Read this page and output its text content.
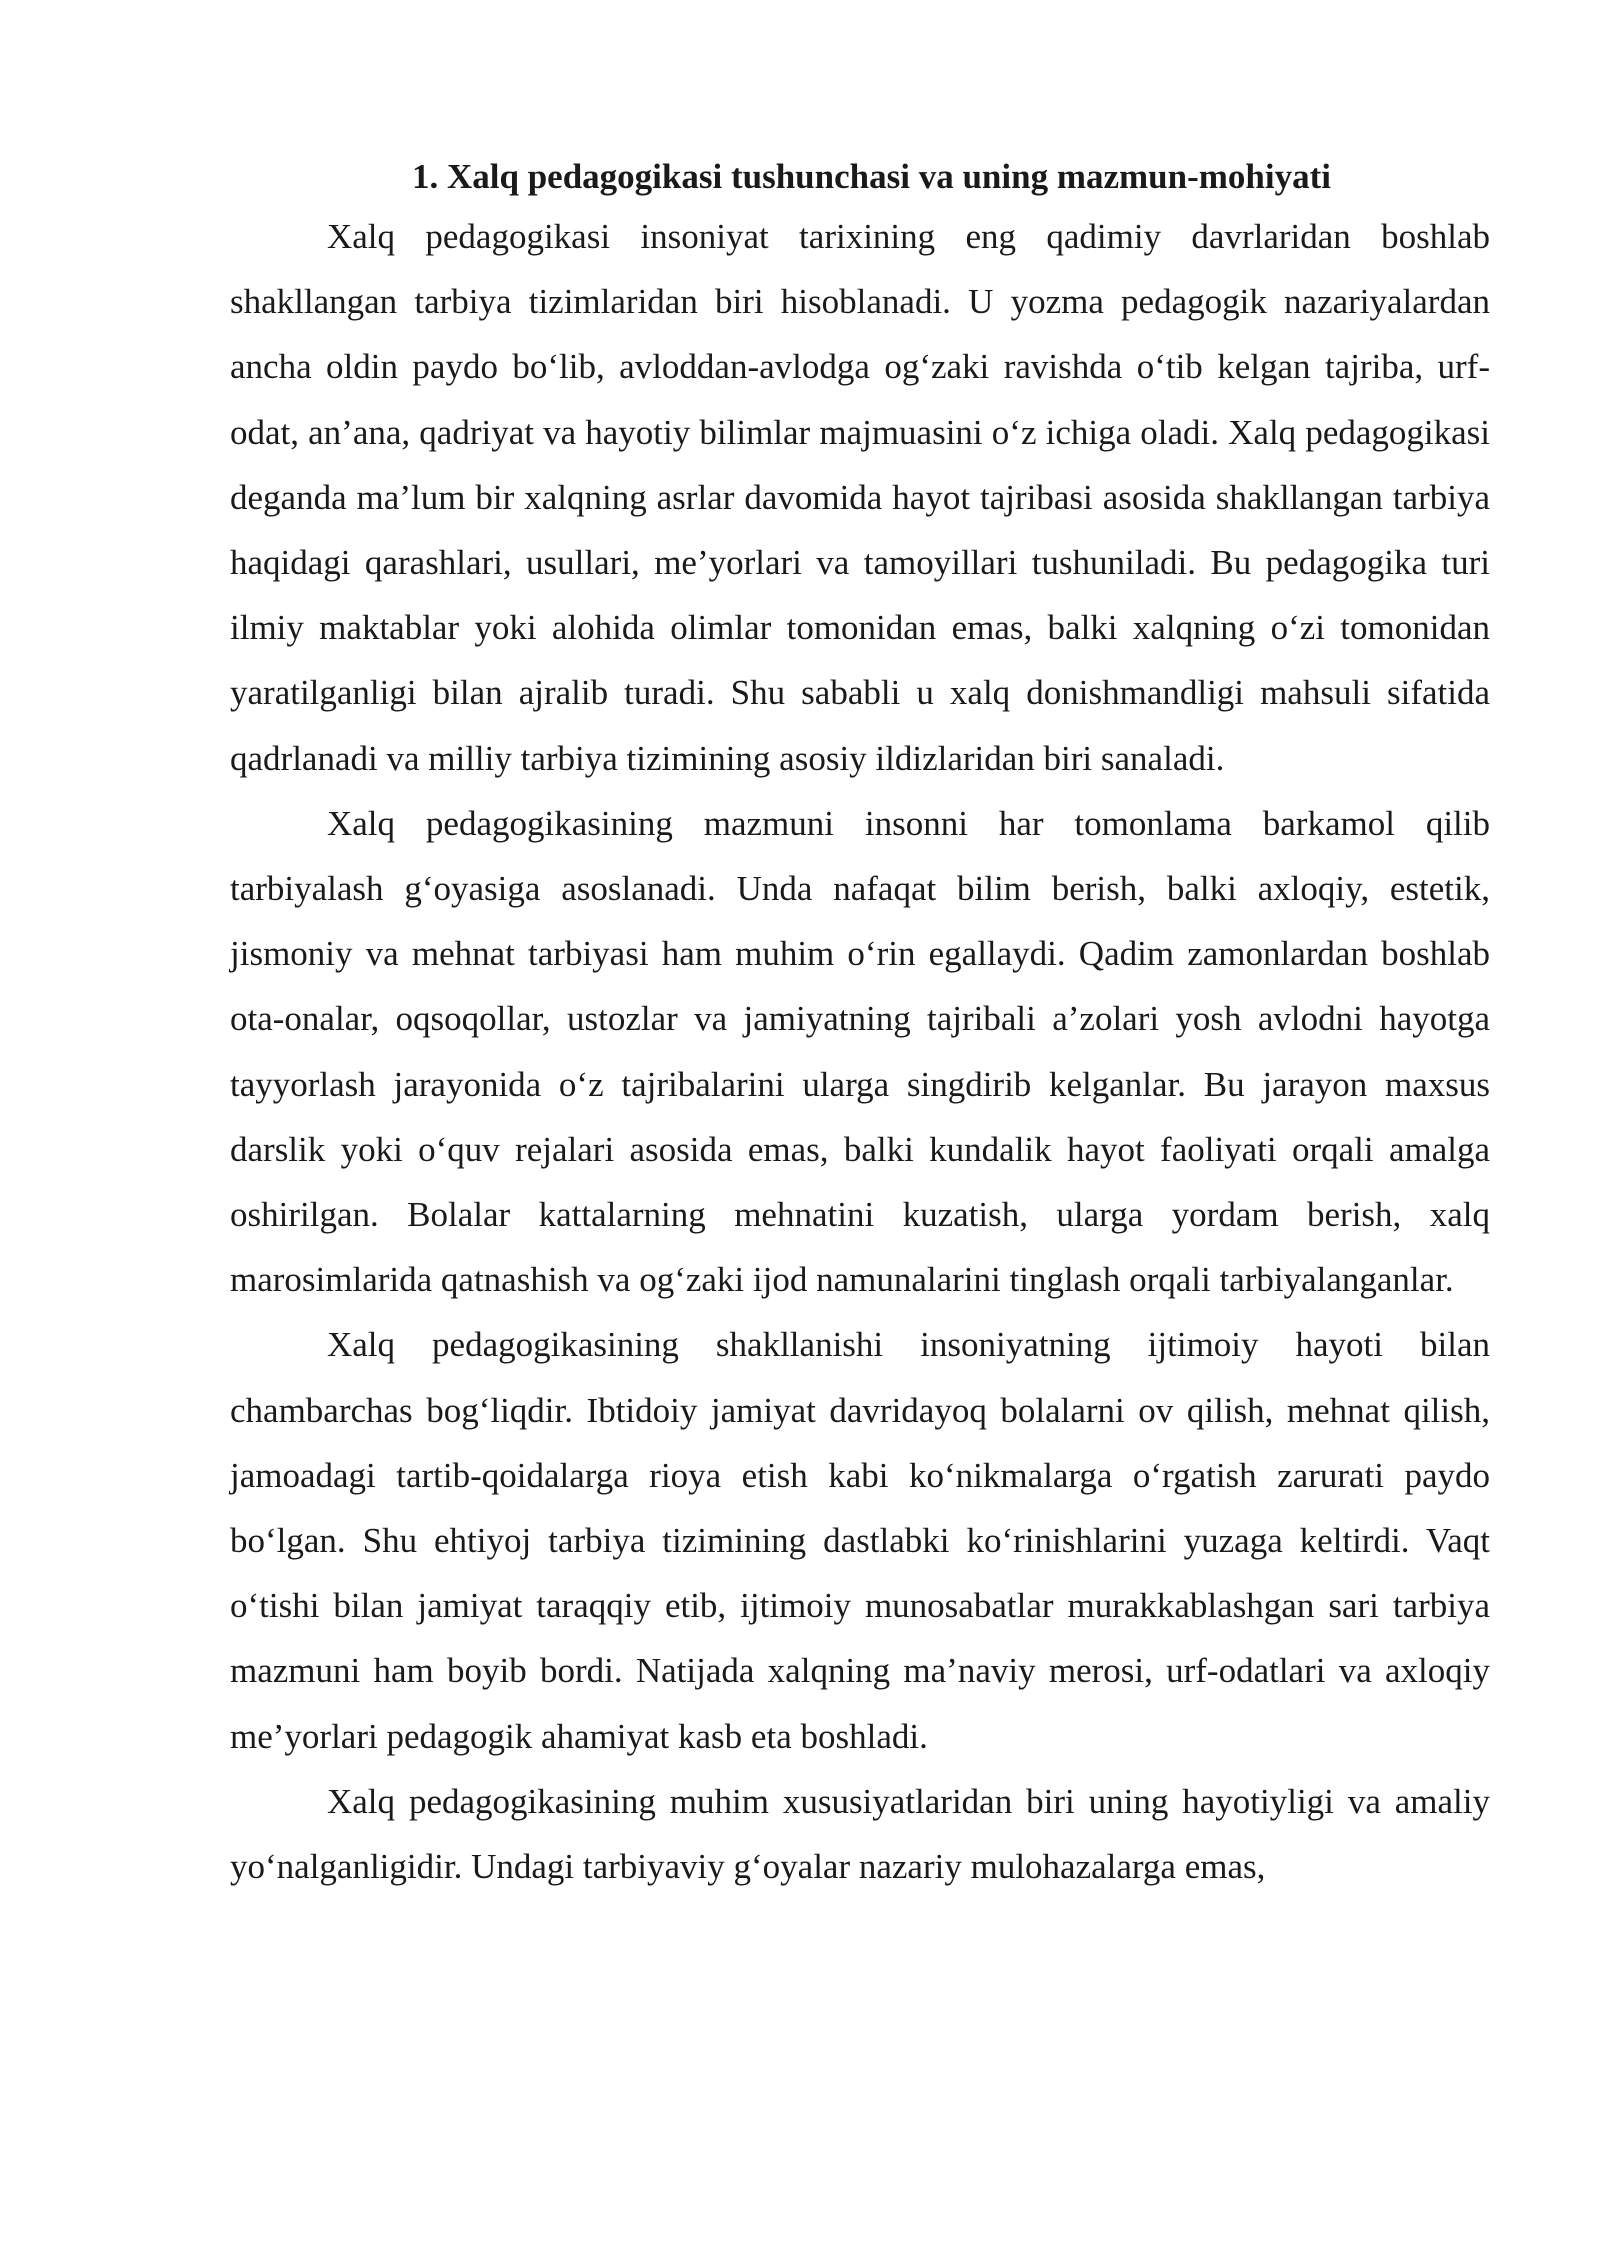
1. Xalq pedagogikasi tushunchasi va uning mazmun-mohiyati

Xalq pedagogikasi insoniyat tarixining eng qadimiy davrlaridan boshlab shakllangan tarbiya tizimlaridan biri hisoblanadi. U yozma pedagogik nazariyalardan ancha oldin paydo bo‘lib, avloddan-avlodga og‘zaki ravishda o‘tib kelgan tajriba, urf-odat, an’ana, qadriyat va hayotiy bilimlar majmuasini o‘z ichiga oladi. Xalq pedagogikasi deganda ma’lum bir xalqning asrlar davomida hayot tajribasi asosida shakllangan tarbiya haqidagi qarashlari, usullari, me’yorlari va tamoyillari tushuniladi. Bu pedagogika turi ilmiy maktablar yoki alohida olimlar tomonidan emas, balki xalqning o‘zi tomonidan yaratilganligi bilan ajralib turadi. Shu sababli u xalq donishmandligi mahsuli sifatida qadrlanadi va milliy tarbiya tizimining asosiy ildizlaridan biri sanaladi.

Xalq pedagogikasining mazmuni insonni har tomonlama barkamol qilib tarbiyalash g‘oyasiga asoslanadi. Unda nafaqat bilim berish, balki axloqiy, estetik, jismoniy va mehnat tarbiyasi ham muhim o‘rin egallaydi. Qadim zamonlardan boshlab ota-onalar, oqsoqollar, ustozlar va jamiyatning tajribali a’zolari yosh avlodni hayotga tayyorlash jarayonida o‘z tajribalarini ularga singdirib kelganlar. Bu jarayon maxsus darslik yoki o‘quv rejalari asosida emas, balki kundalik hayot faoliyati orqali amalga oshirilgan. Bolalar kattalarning mehnatini kuzatish, ularga yordam berish, xalq marosimlarida qatnashish va og‘zaki ijod namunalarini tinglash orqali tarbiyalanganlar.

Xalq pedagogikasining shakllanishi insoniyatning ijtimoiy hayoti bilan chambarchas bog‘liqdir. Ibtidoiy jamiyat davridayoq bolalarni ov qilish, mehnat qilish, jamoadagi tartib-qoidalarga rioya etish kabi ko‘nikmalarga o‘rgatish zarurati paydo bo‘lgan. Shu ehtiyoj tarbiya tizimining dastlabki ko‘rinishlarini yuzaga keltirdi. Vaqt o‘tishi bilan jamiyat taraqqiy etib, ijtimoiy munosabatlar murakkablashgan sari tarbiya mazmuni ham boyib bordi. Natijada xalqning ma’naviy merosi, urf-odatlari va axloqiy me’yorlari pedagogik ahamiyat kasb eta boshladi.

Xalq pedagogikasining muhim xususiyatlaridan biri uning hayotiyligi va amaliy yo‘nalganligidir. Undagi tarbiyaviy g‘oyalar nazariy mulohazalarga emas,
